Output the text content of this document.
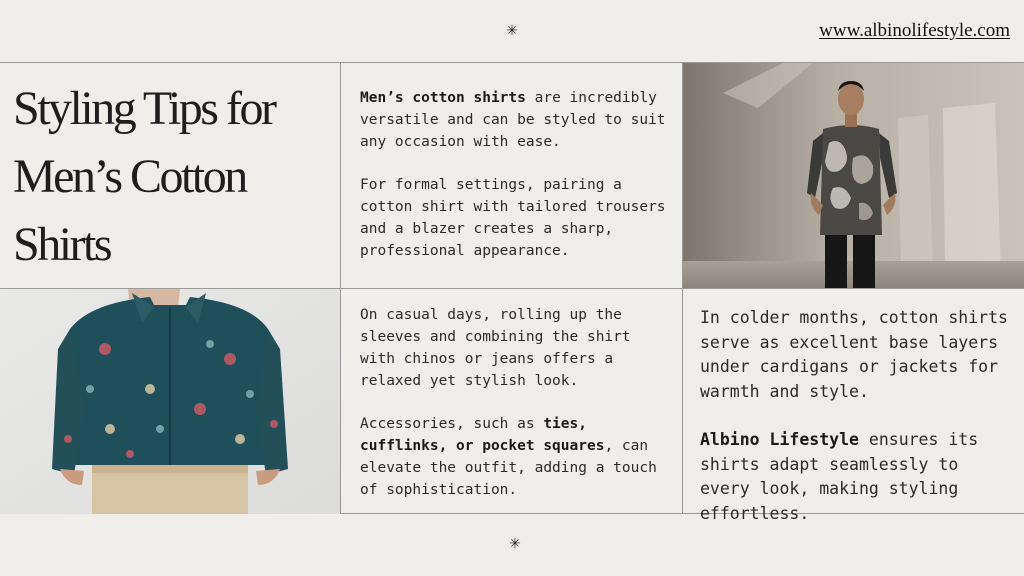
✳	www.albinolifestyle.com
Styling Tips for
Men’s Cotton
Shirts

Men’s cotton shirts are incredibly versatile and can be styled to suit any occasion with ease.

For formal settings, pairing a cotton shirt with tailored trousers and a blazer creates a sharp, professional appearance.

On casual days, rolling up the sleeves and combining the shirt with chinos or jeans offers a relaxed yet stylish look.

Accessories, such as ties, cufflinks, or pocket squares, can elevate the outfit, adding a touch of sophistication.

In colder months, cotton shirts serve as excellent base layers under cardigans or jackets for warmth and style.

Albino Lifestyle ensures its shirts adapt seamlessly to every look, making styling effortless.

✳
